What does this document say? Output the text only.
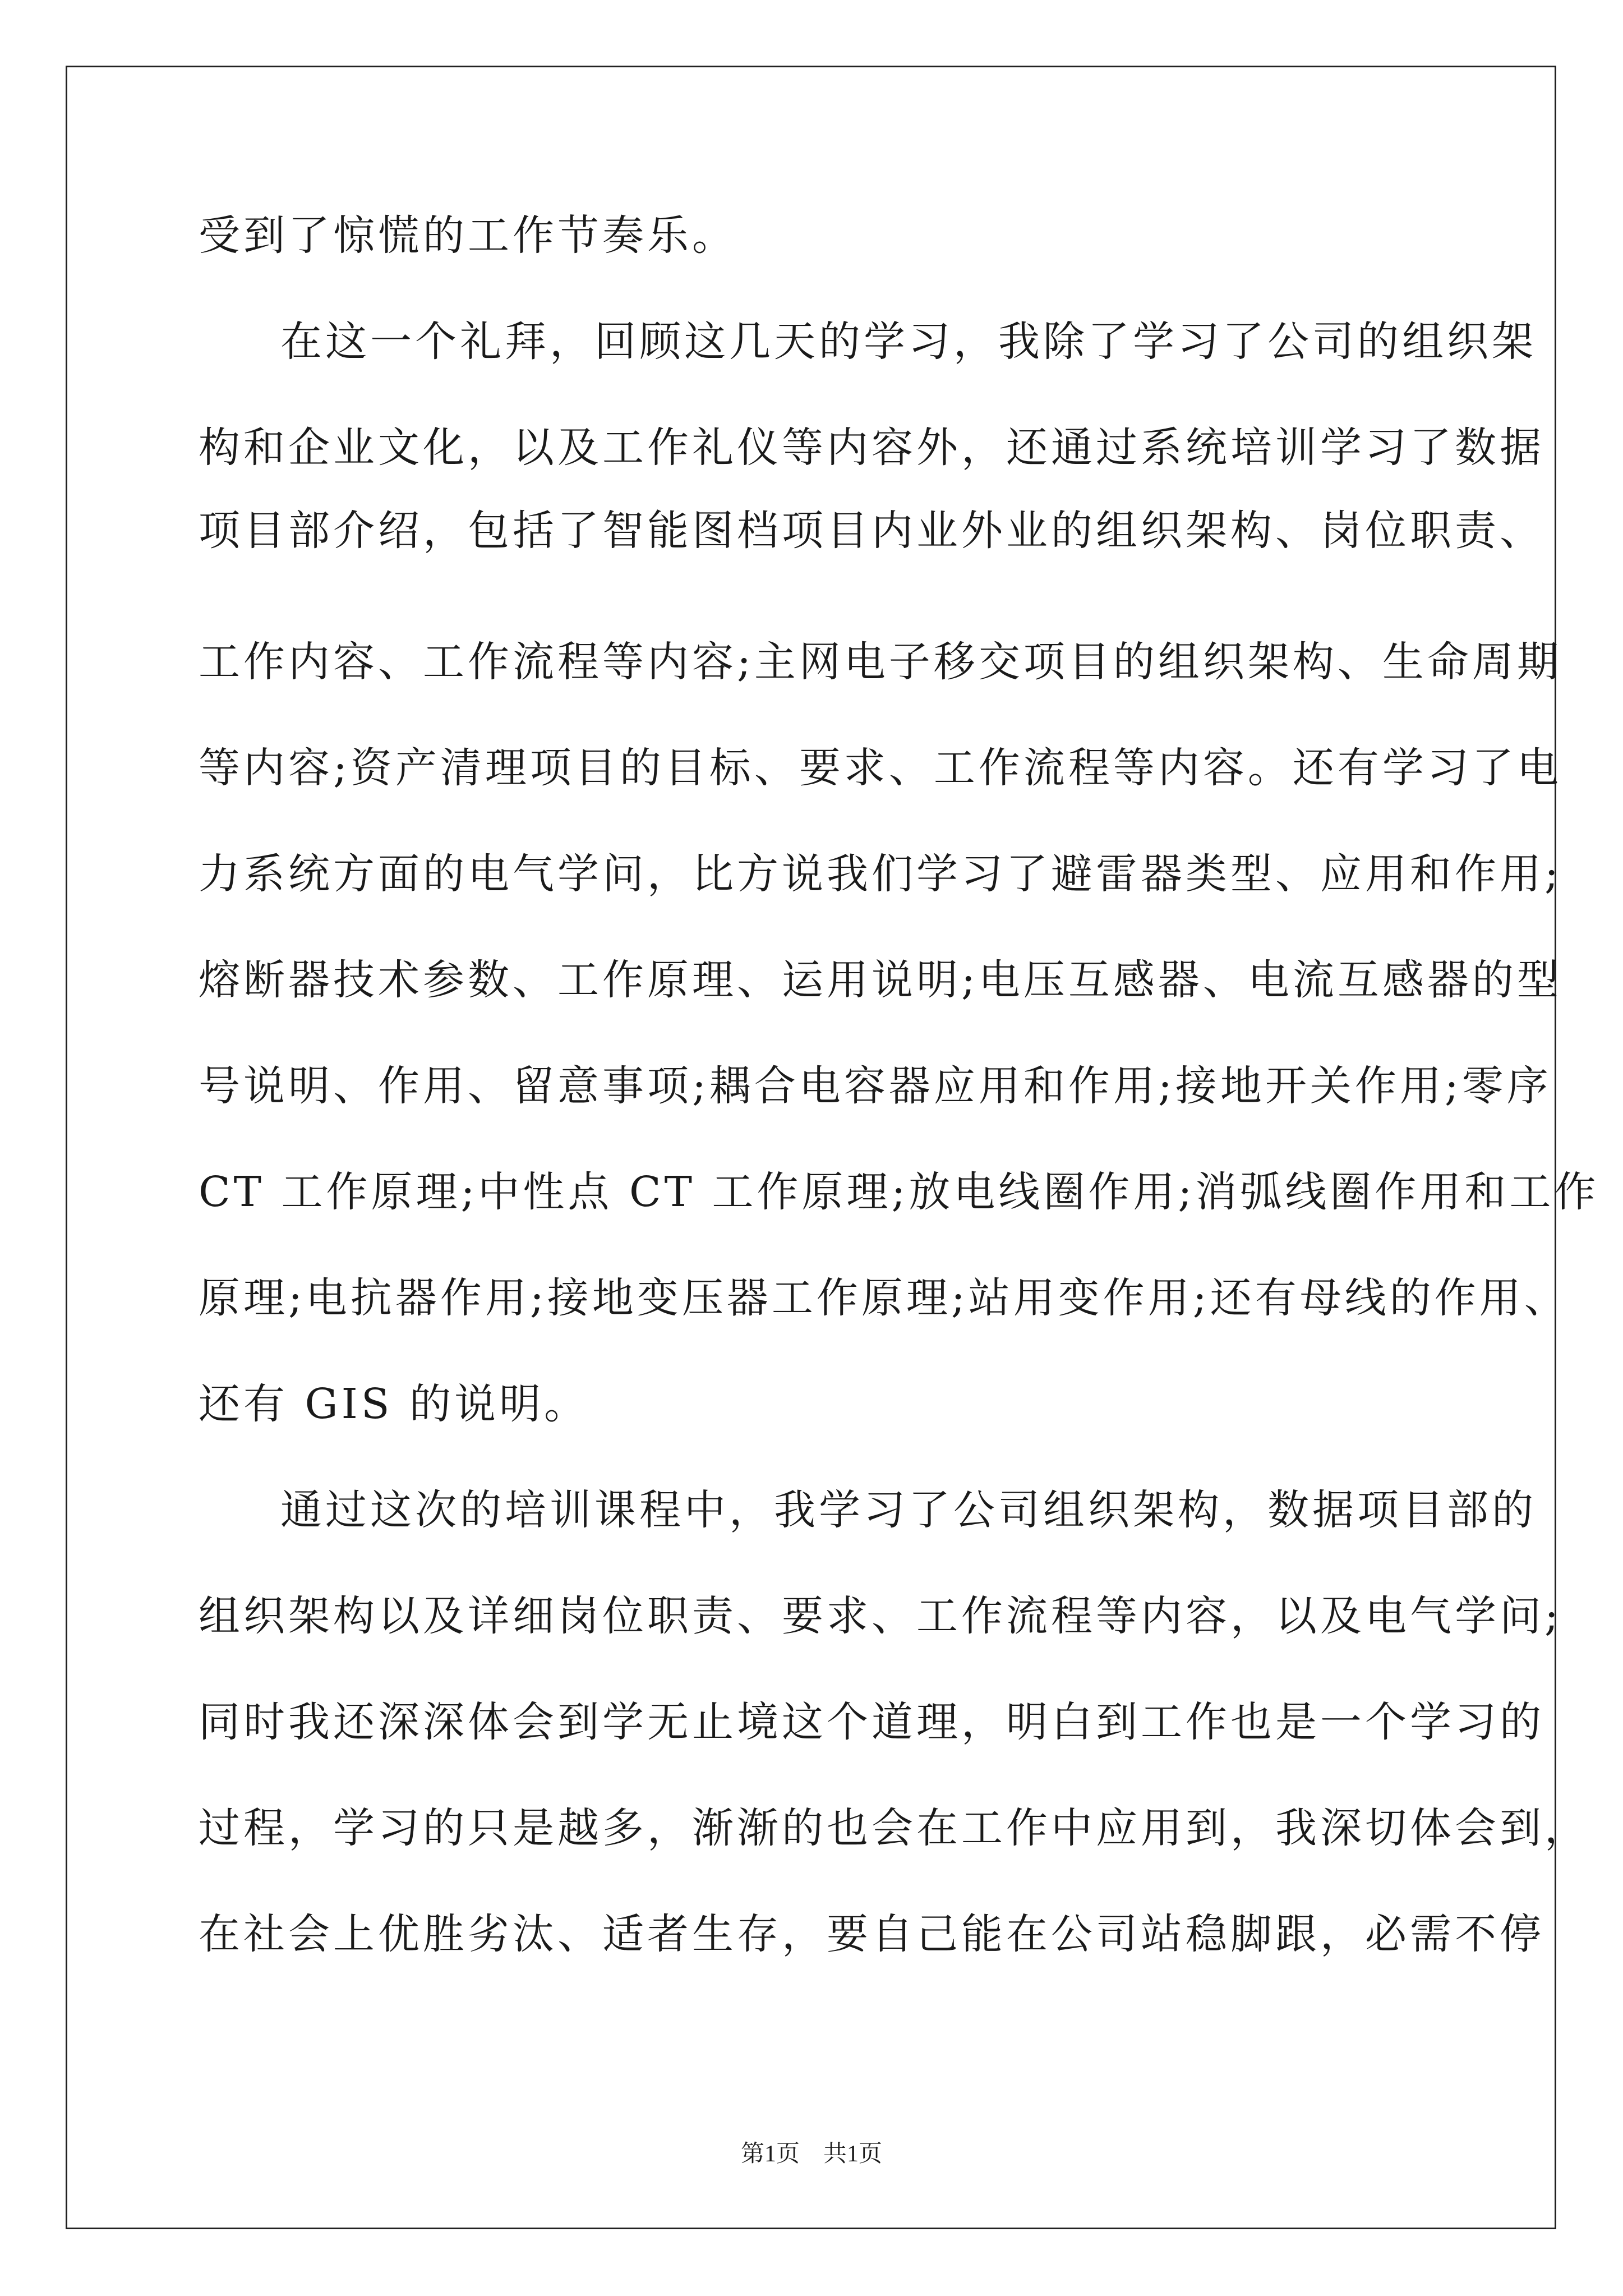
受到了惊慌的工作节奏乐。
在这一个礼拜，回顾这几天的学习，我除了学习了公司的组织架
构和企业文化，以及工作礼仪等内容外，还通过系统培训学习了数据
项目部介绍，包括了智能图档项目内业外业的组织架构、岗位职责、
工作内容、工作流程等内容;主网电子移交项目的组织架构、生命周期
等内容;资产清理项目的目标、要求、工作流程等内容。还有学习了电
力系统方面的电气学问，比方说我们学习了避雷器类型、应用和作用;
熔断器技术参数、工作原理、运用说明;电压互感器、电流互感器的型
号说明、作用、留意事项;耦合电容器应用和作用;接地开关作用;零序
CT 工作原理;中性点 CT 工作原理;放电线圈作用;消弧线圈作用和工作
原理;电抗器作用;接地变压器工作原理;站用变作用;还有母线的作用、
还有 GIS 的说明。
通过这次的培训课程中，我学习了公司组织架构，数据项目部的
组织架构以及详细岗位职责、要求、工作流程等内容，以及电气学问;
同时我还深深体会到学无止境这个道理，明白到工作也是一个学习的
过程，学习的只是越多，渐渐的也会在工作中应用到，我深切体会到，
在社会上优胜劣汰、适者生存，要自己能在公司站稳脚跟，必需不停
第1页　共1页
